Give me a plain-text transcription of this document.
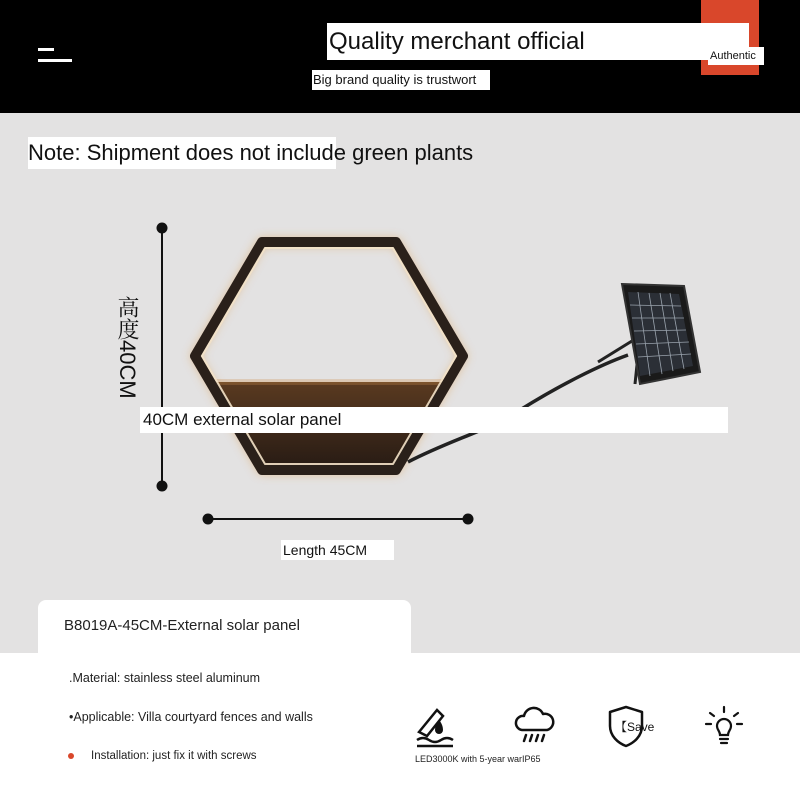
Quality merchant official
Big brand quality is trustwort
Authentic
Note: Shipment does not include green plants
高度40CM
40CM external solar panel
Length 45CM
B8019A-45CM-External solar panel
.Material: stainless steel aluminum
•Applicable: Villa courtyard fences and walls
Installation: just fix it with screws
【Save
LED3000K with 5-year warIP65
